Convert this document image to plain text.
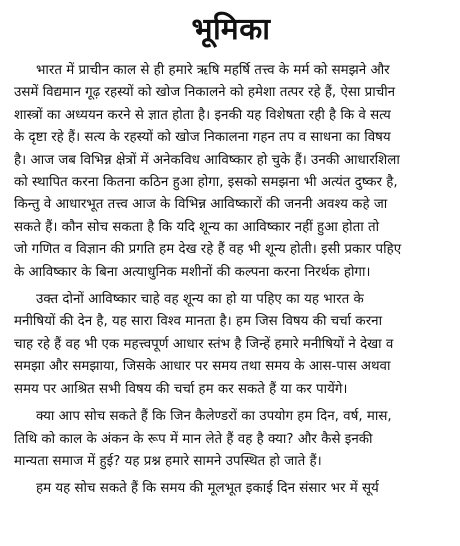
भूमिका
भारत में प्राचीन काल से ही हमारे ऋषि महर्षि तत्त्व के मर्म को समझने और
उसमें विद्यमान गूढ़ रहस्यों को खोज निकालने को हमेशा तत्पर रहे हैं, ऐसा प्राचीन
शास्त्रों का अध्ययन करने से ज्ञात होता है। इनकी यह विशेषता रही है कि वे सत्य
के दृष्टा रहे हैं। सत्य के रहस्यों को खोज निकालना गहन तप व साधना का विषय
है। आज जब विभिन्न क्षेत्रों में अनेकविध आविष्कार हो चुके हैं। उनकी आधारशिला
को स्थापित करना कितना कठिन हुआ होगा, इसको समझना भी अत्यंत दुष्कर है,
किन्तु वे आधारभूत तत्त्व आज के विभिन्न आविष्कारों की जननी अवश्य कहे जा
सकते हैं। कौन सोच सकता है कि यदि शून्य का आविष्कार नहीं हुआ होता तो
जो गणित व विज्ञान की प्रगति हम देख रहे हैं वह भी शून्य होती। इसी प्रकार पहिए
के आविष्कार के बिना अत्याधुनिक मशीनों की कल्पना करना निरर्थक होगा।
उक्त दोनों आविष्कार चाहे वह शून्य का हो या पहिए का यह भारत के
मनीषियों की देन है, यह सारा विश्व मानता है। हम जिस विषय की चर्चा करना
चाह रहे हैं वह भी एक महत्त्वपूर्ण आधार स्तंभ है जिन्हें हमारे मनीषियों ने देखा व
समझा और समझाया, जिसके आधार पर समय तथा समय के आस-पास अथवा
समय पर आश्रित सभी विषय की चर्चा हम कर सकते हैं या कर पायेंगे।
क्या आप सोच सकते हैं कि जिन कैलेण्डरों का उपयोग हम दिन, वर्ष, मास,
तिथि को काल के अंकन के रूप में मान लेते हैं वह है क्या? और कैसे इनकी
मान्यता समाज में हुई? यह प्रश्न हमारे सामने उपस्थित हो जाते हैं।
हम यह सोच सकते हैं कि समय की मूलभूत इकाई दिन संसार भर में सूर्य
